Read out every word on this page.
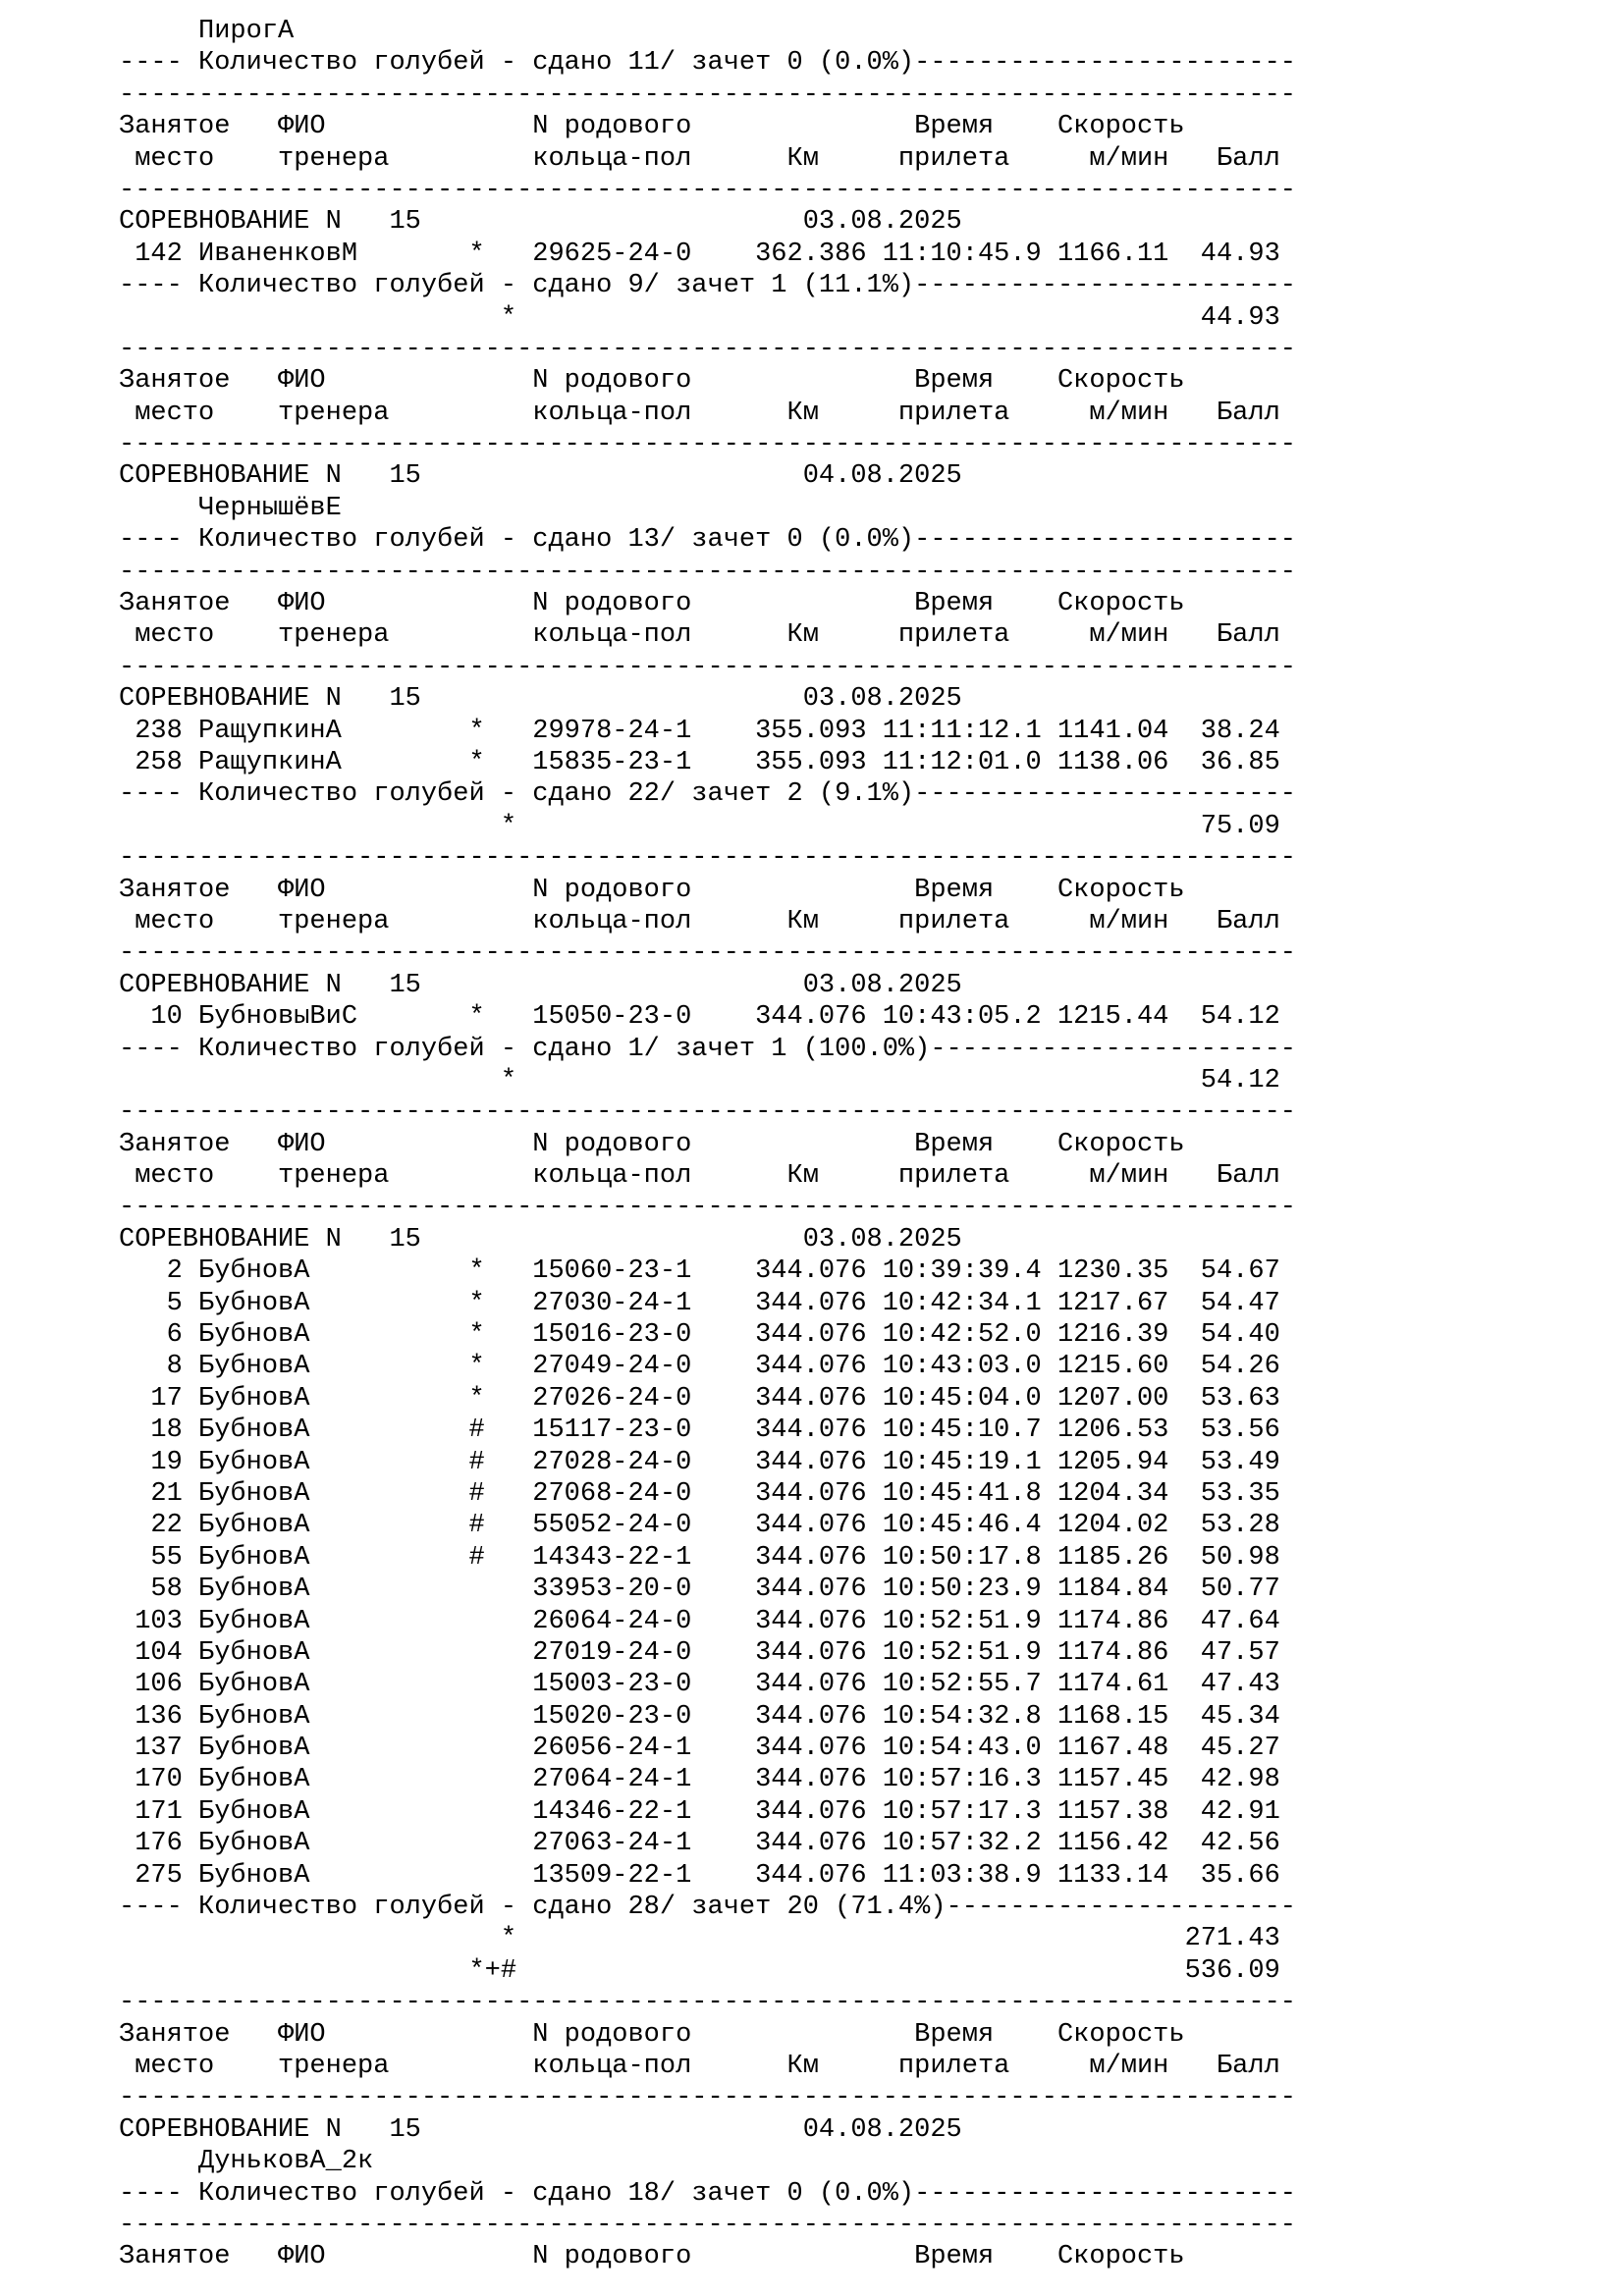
ПирогА
---- Количество голубей - сдано 11/ зачет 0 (0.0%)------------------------
--------------------------------------------------------------------------
Занятое   ФИО             N родового              Время    Скорость
место    тренера         кольца-пол      Км     прилета     м/мин   Балл
--------------------------------------------------------------------------
СОРЕВНОВАНИЕ N   15                        03.08.2025
142 ИваненковМ       *   29625-24-0    362.386 11:10:45.9 1166.11  44.93
---- Количество голубей - сдано 9/ зачет 1 (11.1%)------------------------
*                                           44.93
--------------------------------------------------------------------------
Занятое   ФИО             N родового              Время    Скорость
место    тренера         кольца-пол      Км     прилета     м/мин   Балл
--------------------------------------------------------------------------
СОРЕВНОВАНИЕ N   15                        04.08.2025
ЧернышёвЕ
---- Количество голубей - сдано 13/ зачет 0 (0.0%)------------------------
--------------------------------------------------------------------------
Занятое   ФИО             N родового              Время    Скорость
место    тренера         кольца-пол      Км     прилета     м/мин   Балл
--------------------------------------------------------------------------
СОРЕВНОВАНИЕ N   15                        03.08.2025
238 РащупкинА        *   29978-24-1    355.093 11:11:12.1 1141.04  38.24
258 РащупкинА        *   15835-23-1    355.093 11:12:01.0 1138.06  36.85
---- Количество голубей - сдано 22/ зачет 2 (9.1%)------------------------
*                                           75.09
--------------------------------------------------------------------------
Занятое   ФИО             N родового              Время    Скорость
место    тренера         кольца-пол      Км     прилета     м/мин   Балл
--------------------------------------------------------------------------
СОРЕВНОВАНИЕ N   15                        03.08.2025
10 БубновыВиС       *   15050-23-0    344.076 10:43:05.2 1215.44  54.12
---- Количество голубей - сдано 1/ зачет 1 (100.0%)-----------------------
*                                           54.12
--------------------------------------------------------------------------
Занятое   ФИО             N родового              Время    Скорость
место    тренера         кольца-пол      Км     прилета     м/мин   Балл
--------------------------------------------------------------------------
СОРЕВНОВАНИЕ N   15                        03.08.2025
2 БубновА          *   15060-23-1    344.076 10:39:39.4 1230.35  54.67
5 БубновА          *   27030-24-1    344.076 10:42:34.1 1217.67  54.47
6 БубновА          *   15016-23-0    344.076 10:42:52.0 1216.39  54.40
8 БубновА          *   27049-24-0    344.076 10:43:03.0 1215.60  54.26
17 БубновА          *   27026-24-0    344.076 10:45:04.0 1207.00  53.63
18 БубновА          #   15117-23-0    344.076 10:45:10.7 1206.53  53.56
19 БубновА          #   27028-24-0    344.076 10:45:19.1 1205.94  53.49
21 БубновА          #   27068-24-0    344.076 10:45:41.8 1204.34  53.35
22 БубновА          #   55052-24-0    344.076 10:45:46.4 1204.02  53.28
55 БубновА          #   14343-22-1    344.076 10:50:17.8 1185.26  50.98
58 БубновА              33953-20-0    344.076 10:50:23.9 1184.84  50.77
103 БубновА              26064-24-0    344.076 10:52:51.9 1174.86  47.64
104 БубновА              27019-24-0    344.076 10:52:51.9 1174.86  47.57
106 БубновА              15003-23-0    344.076 10:52:55.7 1174.61  47.43
136 БубновА              15020-23-0    344.076 10:54:32.8 1168.15  45.34
137 БубновА              26056-24-1    344.076 10:54:43.0 1167.48  45.27
170 БубновА              27064-24-1    344.076 10:57:16.3 1157.45  42.98
171 БубновА              14346-22-1    344.076 10:57:17.3 1157.38  42.91
176 БубновА              27063-24-1    344.076 10:57:32.2 1156.42  42.56
275 БубновА              13509-22-1    344.076 11:03:38.9 1133.14  35.66
---- Количество голубей - сдано 28/ зачет 20 (71.4%)----------------------
*                                          271.43
*+#                                          536.09
--------------------------------------------------------------------------
Занятое   ФИО             N родового              Время    Скорость
место    тренера         кольца-пол      Км     прилета     м/мин   Балл
--------------------------------------------------------------------------
СОРЕВНОВАНИЕ N   15                        04.08.2025
ДуньковА_2к
---- Количество голубей - сдано 18/ зачет 0 (0.0%)------------------------
--------------------------------------------------------------------------
Занятое   ФИО             N родового              Время    Скорость
